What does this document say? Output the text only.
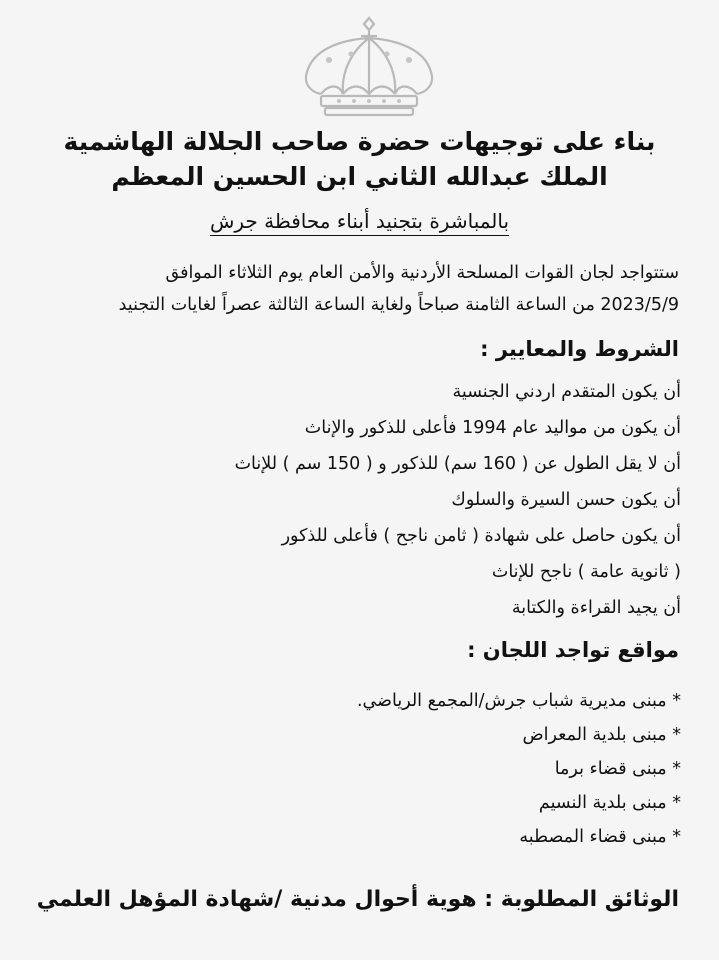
بناء على توجيهات حضرة صاحب الجلالة الهاشمية
الملك عبدالله الثاني ابن الحسين المعظم
بالمباشرة بتجنيد أبناء محافظة جرش
ستتواجد لجان القوات المسلحة الأردنية والأمن العام يوم الثلاثاء الموافق
2023/5/9 من الساعة الثامنة صباحاً ولغاية الساعة الثالثة عصراً لغايات التجنيد
الشروط والمعايير :
أن يكون المتقدم اردني الجنسية
أن يكون من مواليد عام 1994 فأعلى للذكور والإناث
أن لا يقل الطول عن ( 160 سم) للذكور و ( 150 سم ) للإناث
أن يكون حسن السيرة والسلوك
أن يكون حاصل على شهادة ( ثامن ناجح ) فأعلى للذكور
( ثانوية عامة ) ناجح للإناث
أن يجيد القراءة والكتابة
مواقع تواجد اللجان :
* مبنى مديرية شباب جرش/المجمع الرياضي.
* مبنى بلدية المعراض
* مبنى قضاء برما
* مبنى بلدية النسيم
* مبنى قضاء المصطبه
الوثائق المطلوبة : هوية أحوال مدنية /شهادة المؤهل العلمي
